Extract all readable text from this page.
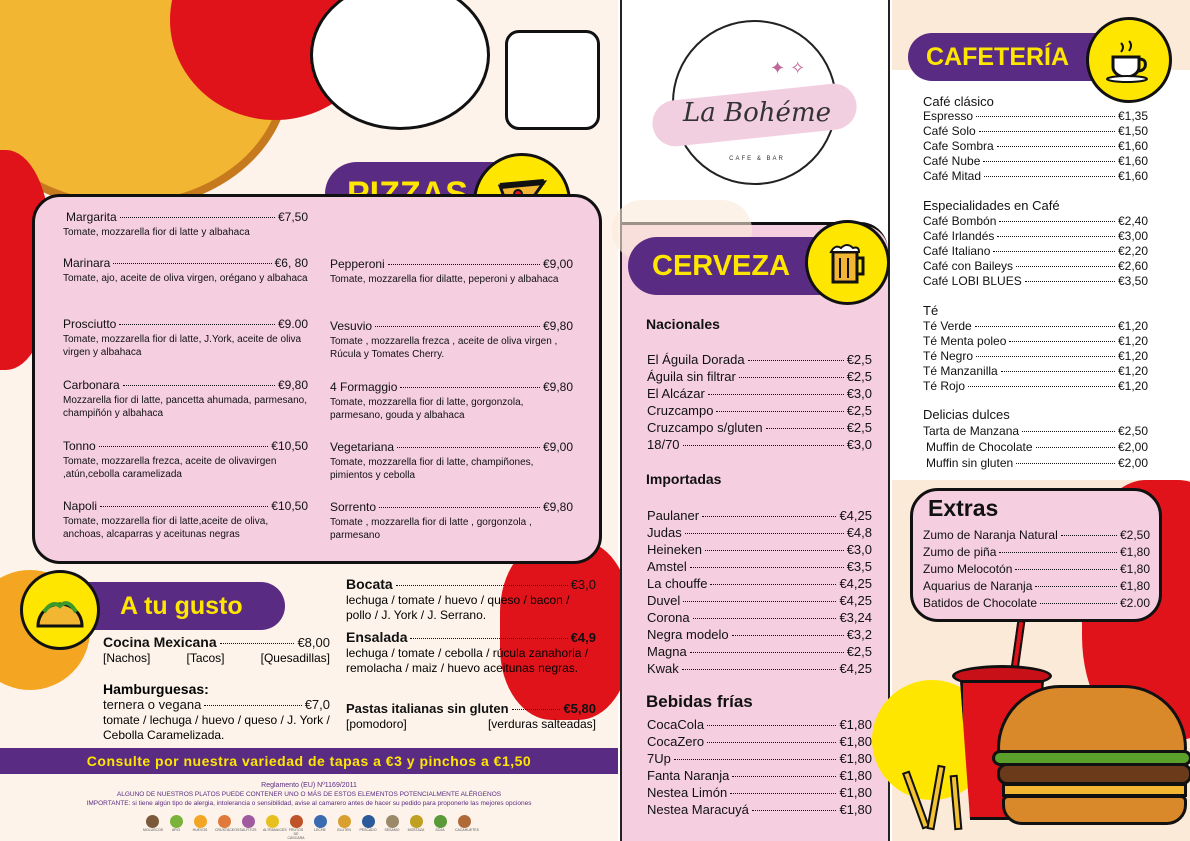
Margarita	€7,50
Tomate, mozzarella fior di latte y albahaca
Marinara	€6, 80
Tomate, ajo, aceite de oliva virgen, orégano y albahaca
Prosciutto	€9.00
Tomate, mozzarella fior di latte, J.York, aceite de oliva virgen y albahaca
Carbonara	€9,80
Mozzarella fior di latte, pancetta ahumada, parmesano, champiñón y albahaca
Tonno	€10,50
Tomate, mozzarella frezca, aceite de olivavirgen ,atún,cebolla caramelizada
Napoli	€10,50
Tomate, mozzarella fior di latte,aceite de oliva, anchoas, alcaparras y aceitunas negras
Pepperoni	€9,00
Tomate, mozzarella fior dilatte, peperoni y albahaca
Vesuvio	€9,80
Tomate , mozzarella frezca , aceite de oliva virgen , Rúcula y Tomates Cherry.
4 Formaggio	€9,80
Tomate, mozzarella fior di latte, gorgonzola, parmesano, gouda y albahaca
Vegetariana	€9,00
Tomate, mozzarella fior di latte, champiñones, pimientos y cebolla
Sorrento	€9,80
Tomate , mozzarella fior di latte , gorgonzola , parmesano
A tu gusto
Cocina Mexicana	€8,00
[Nachos]	[Tacos]	[Quesadillas]
Hamburguesas:
ternera o vegana	€7,0
tomate / lechuga / huevo / queso / J. York / Cebolla Caramelizada.
Bocata	€3,0
lechuga / tomate / huevo / queso / bacon / pollo / J. York / J. Serrano.
Ensalada	€4,9
lechuga / tomate / cebolla / rúcula zanahoria / remolacha / maiz / huevo aceitunas negras.
Pastas italianas sin gluten	€5,80
[pomodoro]	[verduras salteadas]
Consulte por nuestra variedad de tapas a €3 y pinchos a €1,50
Reglamento (EU) Nº1169/2011
ALGUNO DE NUESTROS PLATOS PUEDE CONTENER UNO O MÁS DE ESTOS ELEMENTOS POTENCIALMENTE ALÉRGENOS
IMPORTANTE: si tiene algún tipo de alergia, intolerancia o sensibilidad, avise al camarero antes de hacer su pedido para proponerle las mejores opciones
MOLUSCOS	APIO	HUEVOS	CRUSTÁCEOS SULFITOS ALTRAMUCES FRUTOS DE CÁSCARA
LECHE	GLUTEN	PESCADO	SÉSAMO	MOSTAZA	SOJA	CACAHUETES
✦ ✧
La Bohéme
CAFE & BAR
CERVEZA
Nacionales
El Águila Dorada	€2,5
Águila sin filtrar	€2,5
El Alcázar	€3,0
Cruzcampo	€2,5
Cruzcampo s/gluten	€2,5
18/70	€3,0
Importadas
Paulaner	€4,25
Judas	€4,8
Heineken	€3,0
Amstel	€3,5
La chouffe	€4,25
Duvel	€4,25
Corona	€3,24
Negra modelo	€3,2
Magna	€2,5
Kwak	€4,25
Bebidas frías
CocaCola	€1,80
CocaZero	€1,80
7Up	€1,80
Fanta Naranja	€1,80
Nestea Limón	€1,80
Nestea Maracuyá	€1,80
CAFETERÍA
Café clásico
Espresso	€1,35
Café Solo	€1,50
Cafe Sombra	€1,60
Café Nube	€1,60
Café Mitad	€1,60
Especialidades en Café
Café Bombón	€2,40
Café Irlandés	€3,00
Café Italiano	€2,20
Café con Baileys	€2,60
Café LOBI BLUES	€3,50
Té
Té Verde	€1,20
Té Menta poleo	€1,20
Té Negro	€1,20
Té Manzanilla	€1,20
Té Rojo	€1,20
Delicias dulces
Tarta de Manzana	€2,50
Muffin de Chocolate	€2,00
Muffin sin gluten	€2,00
Extras
Zumo de Naranja Natural	€2,50
Zumo de piña	€1,80
Zumo Melocotón	€1,80
Aquarius de Naranja	€1,80
Batidos de Chocolate	€2.00
